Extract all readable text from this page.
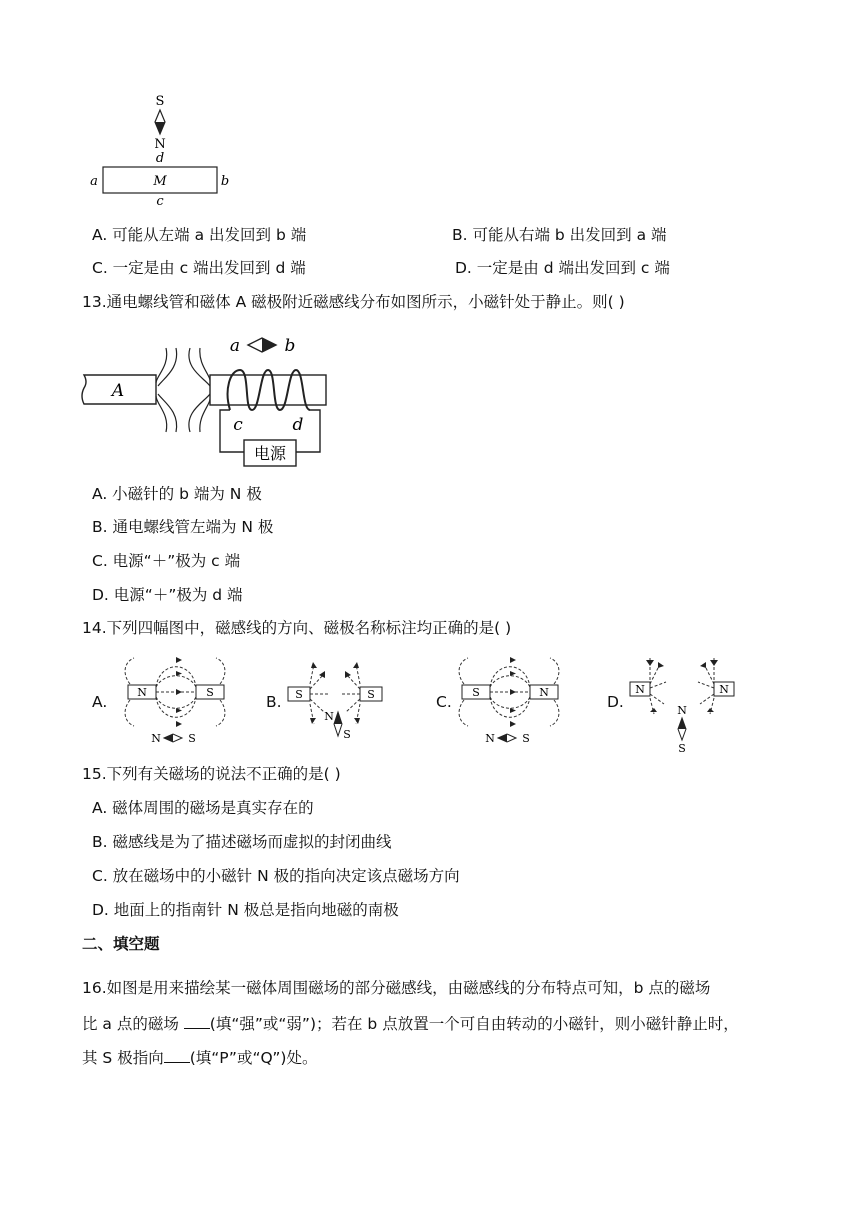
S
N
d
M
a	b
c
A. 可能从左端 a 出发回到 b 端	B. 可能从右端 b 出发回到 a 端
C. 一定是由 c 端出发回到 d 端	D. 一定是由 d 端出发回到 c 端
13.通电螺线管和磁体 A 磁极附近磁感线分布如图所示，小磁针处于静止。则( )
a	b
A
c	d
电源
A. 小磁针的 b 端为 N 极
B. 通电螺线管左端为 N 极
C. 电源“＋”极为 c 端
D. 电源“＋”极为 d 端
14.下列四幅图中，磁感线的方向、磁极名称标注均正确的是( )
A.
N	S
N S
B. S	S
N
S
C.
S	N
N S
D.
N	N
N
S
15.下列有关磁场的说法不正确的是( )
A. 磁体周围的磁场是真实存在的
B. 磁感线是为了描述磁场而虚拟的封闭曲线
C. 放在磁场中的小磁针 N 极的指向决定该点磁场方向
D. 地面上的指南针 N 极总是指向地磁的南极
二、填空题
16.如图是用来描绘某一磁体周围磁场的部分磁感线，由磁感线的分布特点可知，b 点的磁场
比 a 点的磁场 (填“强”或“弱”)；若在 b 点放置一个可自由转动的小磁针，则小磁针静止时，
其 S 极指向 (填“P”或“Q”)处。
